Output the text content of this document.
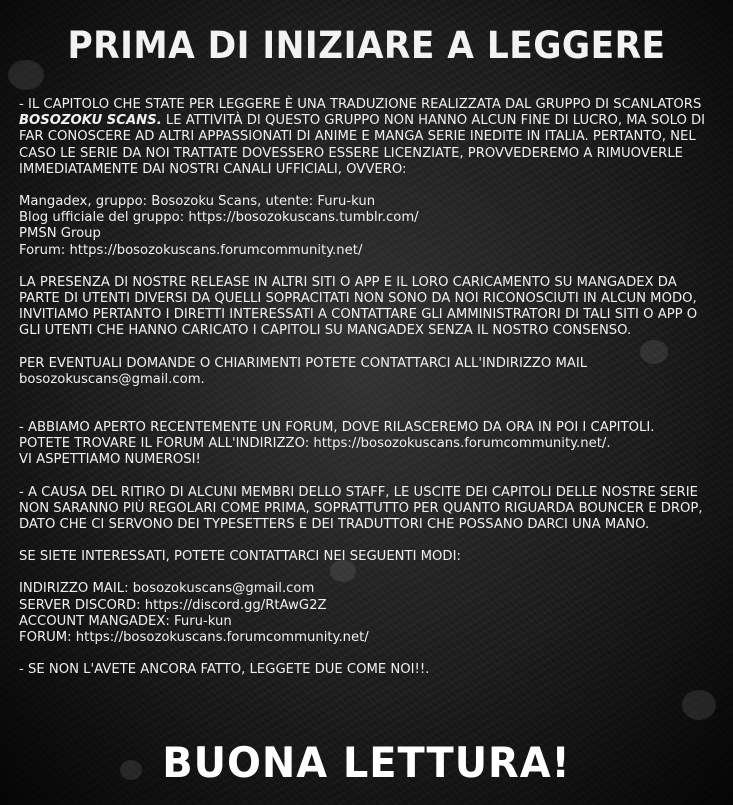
PRIMA DI INIZIARE A LEGGERE

- IL CAPITOLO CHE STATE PER LEGGERE È UNA TRADUZIONE REALIZZATA DAL GRUPPO DI SCANLATORS BOSOZOKU SCANS. LE ATTIVITÀ DI QUESTO GRUPPO NON HANNO ALCUN FINE DI LUCRO, MA SOLO DI FAR CONOSCERE AD ALTRI APPASSIONATI DI ANIME E MANGA SERIE INEDITE IN ITALIA. PERTANTO, NEL CASO LE SERIE DA NOI TRATTATE DOVESSERO ESSERE LICENZIATE, PROVVEDEREMO A RIMUOVERLE IMMEDIATAMENTE DAI NOSTRI CANALI UFFICIALI, OVVERO:

Mangadex, gruppo: Bosozoku Scans, utente: Furu-kun

Blog ufficiale del gruppo: https://bosozokuscans.tumblr.com/

PMSN Group

Forum: https://bosozokuscans.forumcommunity.net/

LA PRESENZA DI NOSTRE RELEASE IN ALTRI SITI O APP E IL LORO CARICAMENTO SU MANGADEX DA PARTE DI UTENTI DIVERSI DA QUELLI SOPRACITATI NON SONO DA NOI RICONOSCIUTI IN ALCUN MODO, INVITIAMO PERTANTO I DIRETTI INTERESSATI A CONTATTARE GLI AMMINISTRATORI DI TALI SITI O APP O GLI UTENTI CHE HANNO CARICATO I CAPITOLI SU MANGADEX SENZA IL NOSTRO CONSENSO.

PER EVENTUALI DOMANDE O CHIARIMENTI POTETE CONTATTARCI ALL'INDIRIZZO MAIL
bosozokuscans@gmail.com.

- ABBIAMO APERTO RECENTEMENTE UN FORUM, DOVE RILASCEREMO DA ORA IN POI I CAPITOLI.

POTETE TROVARE IL FORUM ALL'INDIRIZZO: https://bosozokuscans.forumcommunity.net/.

VI ASPETTIAMO NUMEROSI!

- A CAUSA DEL RITIRO DI ALCUNI MEMBRI DELLO STAFF, LE USCITE DEI CAPITOLI DELLE NOSTRE SERIE NON SARANNO PIÙ REGOLARI COME PRIMA, SOPRATTUTTO PER QUANTO RIGUARDA BOUNCER E DROP, DATO CHE CI SERVONO DEI TYPESETTERS E DEI TRADUTTORI CHE POSSANO DARCI UNA MANO.

SE SIETE INTERESSATI, POTETE CONTATTARCI NEI SEGUENTI MODI:

INDIRIZZO MAIL: bosozokuscans@gmail.com

SERVER DISCORD: https://discord.gg/RtAwG2Z

ACCOUNT MANGADEX: Furu-kun

FORUM: https://bosozokuscans.forumcommunity.net/

- SE NON L'AVETE ANCORA FATTO, LEGGETE DUE COME NOI!!.

BUONA LETTURA!
